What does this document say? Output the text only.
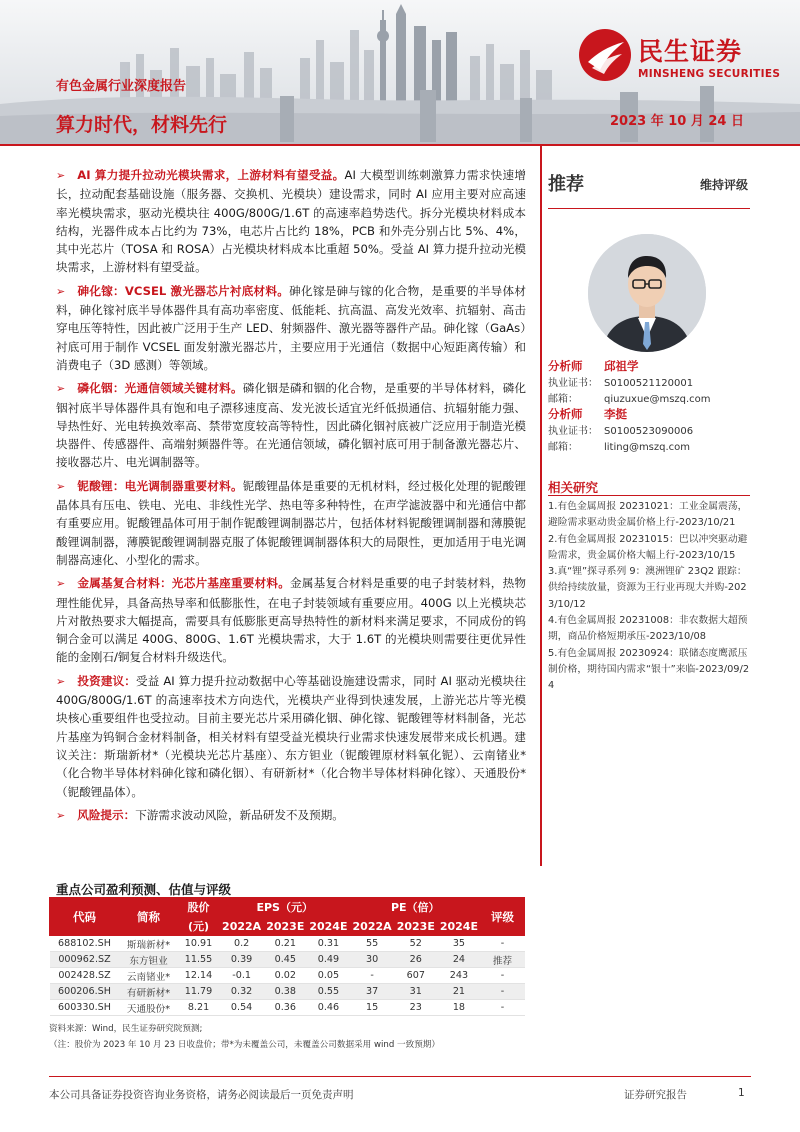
民生证券
MINSHENG SECURITIES
有色金属行业深度报告
算力时代，材料先行	2023 年 10 月 24 日

➢ AI 算力提升拉动光模块需求，上游材料有望受益。AI 大模型训练刺激算力需求快速增长，拉动配套基础设施（服务器、交换机、光模块）建设需求，同时 AI 应用主要对应高速率光模块需求，驱动光模块往 400G/800G/1.6T 的高速率趋势迭代。拆分光模块材料成本结构，光器件成本占比约为 73%，电芯片占比约 18%，PCB 和外壳分别占比 5%、4%，其中光芯片（TOSA 和 ROSA）占光模块材料成本比重超 50%。受益 AI 算力提升拉动光模块需求，上游材料有望受益。

➢ 砷化镓：VCSEL 激光器芯片衬底材料。砷化镓是砷与镓的化合物，是重要的半导体材料，砷化镓衬底半导体器件具有高功率密度、低能耗、抗高温、高发光效率、抗辐射、高击穿电压等特性，因此被广泛用于生产 LED、射频器件、激光器等器件产品。砷化镓（GaAs）衬底可用于制作 VCSEL 面发射激光器芯片，主要应用于光通信（数据中心短距离传输）和消费电子（3D 感测）等领域。

➢ 磷化铟：光通信领域关键材料。磷化铟是磷和铟的化合物，是重要的半导体材料，磷化铟衬底半导体器件具有饱和电子漂移速度高、发光波长适宜光纤低损通信、抗辐射能力强、导热性好、光电转换效率高、禁带宽度较高等特性，因此磷化铟衬底被广泛应用于制造光模块器件、传感器件、高端射频器件等。在光通信领域，磷化铟衬底可用于制备激光器芯片、接收器芯片、电光调制器等。

➢ 铌酸锂：电光调制器重要材料。铌酸锂晶体是重要的无机材料，经过极化处理的铌酸锂晶体具有压电、铁电、光电、非线性光学、热电等多种特性，在声学滤波器中和光通信中都有重要应用。铌酸锂晶体可用于制作铌酸锂调制器芯片，包括体材料铌酸锂调制器和薄膜铌酸锂调制器，薄膜铌酸锂调制器克服了体铌酸锂调制器体积大的局限性，更加适用于电光调制器高速化、小型化的需求。

➢ 金属基复合材料：光芯片基座重要材料。金属基复合材料是重要的电子封装材料，热物理性能优异，具备高热导率和低膨胀性，在电子封装领域有重要应用。400G 以上光模块芯片对散热要求大幅提高，需要具有低膨胀更高导热特性的新材料来满足要求，不同成份的钨铜合金可以满足 400G、800G、1.6T 光模块需求，大于 1.6T 的光模块则需要往更优异性能的金刚石/铜复合材料升级迭代。

➢ 投资建议：受益 AI 算力提升拉动数据中心等基础设施建设需求，同时 AI 驱动光模块往 400G/800G/1.6T 的高速率技术方向迭代，光模块产业得到快速发展，上游光芯片等光模块核心重要组件也受拉动。目前主要光芯片采用磷化铟、砷化镓、铌酸锂等材料制备，光芯片基座为钨铜合金材料制备，相关材料有望受益光模块行业需求快速发展带来成长机遇。建议关注：斯瑞新材*（光模块光芯片基座）、东方钽业（铌酸锂原材料氧化铌）、云南锗业*（化合物半导体材料砷化镓和磷化铟）、有研新材*（化合物半导体材料砷化镓）、天通股份*（铌酸锂晶体）。

➢ 风险提示：下游需求波动风险，新品研发不及预期。

推荐	维持评级
分析师 邱祖学
执业证书： S0100521120001
邮箱：	qiuzuxue@mszq.com
分析师 李挺
执业证书： S0100523090006
邮箱：	liting@mszq.com
相关研究
1.有色金属周报 20231021：工业金属震荡，避险需求驱动贵金属价格上行-2023/10/21
2.有色金属周报 20231015：巴以冲突驱动避险需求，贵金属价格大幅上行-2023/10/15
3.真“锂”探寻系列 9：澳洲锂矿 23Q2 跟踪：供给持续放量，资源为王行业再现大并购-2023/10/12
4.有色金属周报 20231008：非农数据大超预期，商品价格短期承压-2023/10/08
5.有色金属周报 20230924：联储态度鹰派压制价格，期待国内需求“银十”来临-2023/09/24
重点公司盈利预测、估值与评级
代码	简称	股价	EPS（元）			PE（倍）			评级
		(元)	2022A	2023E	2024E	2022A	2023E	2024E	
688102.SH	斯瑞新材*	10.91	0.2	0.21	0.31	55	52	35	-
000962.SZ	东方钽业	11.55	0.39	0.45	0.49	30	26	24	推荐
002428.SZ	云南锗业*	12.14	-0.1	0.02	0.05	-	607	243	-
600206.SH	有研新材*	11.79	0.32	0.38	0.55	37	31	21	-
600330.SH	天通股份*	8.21	0.54	0.36	0.46	15	23	18	-
资料来源：Wind，民生证券研究院预测;
（注：股价为 2023 年 10 月 23 日收盘价；带*为未覆盖公司，未覆盖公司数据采用 wind 一致预期）
本公司具备证券投资咨询业务资格，请务必阅读最后一页免责声明	证券研究报告	1
